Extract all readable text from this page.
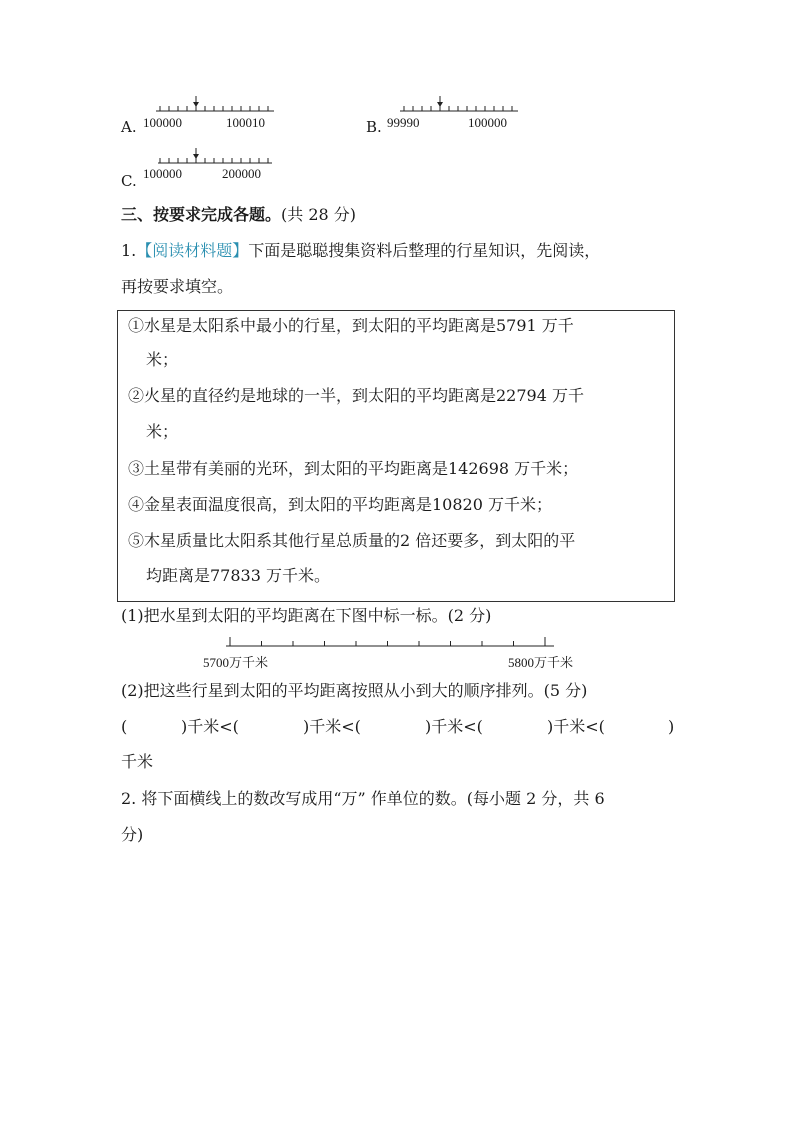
A. 100000	100010	B. 99990	100000
C. 100000	200000
三、按要求完成各题。(共 28 分)
1.【阅读材料题】下面是聪聪搜集资料后整理的行星知识，先阅读，
再按要求填空。
①水星是太阳系中最小的行星，到太阳的平均距离是5791 万千
米；
②火星的直径约是地球的一半，到太阳的平均距离是22794 万千
米；
③土星带有美丽的光环，到太阳的平均距离是142698 万千米；
④金星表面温度很高，到太阳的平均距离是10820 万千米；
⑤木星质量比太阳系其他行星总质量的2 倍还要多，到太阳的平
均距离是77833 万千米。
(1)把水星到太阳的平均距离在下图中标一标。(2 分)
5700万千米	5800万千米
(2)把这些行星到太阳的平均距离按照从小到大的顺序排列。(5 分)
(	)千米<(	)千米<(	)千米<(	)千米<(	)
千米
2. 将下面横线上的数改写成用“万” 作单位的数。(每小题 2 分，共 6
分)
